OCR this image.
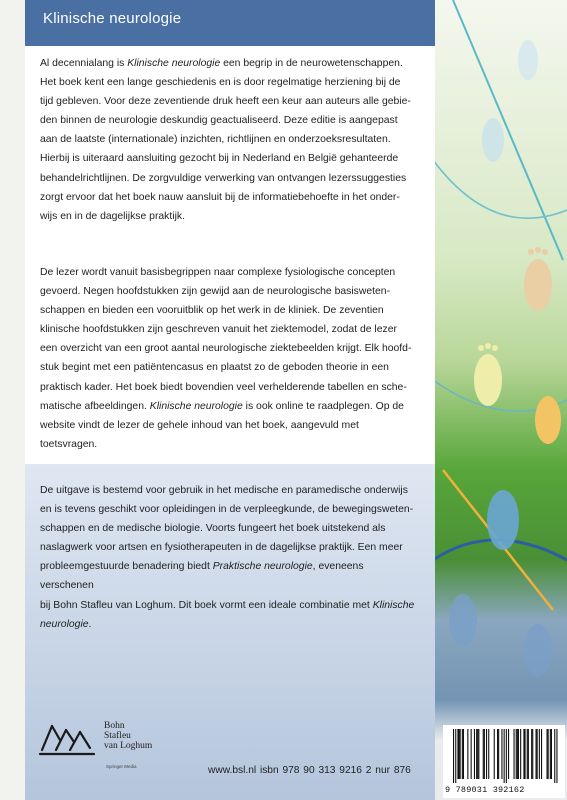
Klinische neurologie

Al decennialang is Klinische neurologie een begrip in de neurowetenschappen.
Het boek kent een lange geschiedenis en is door regelmatige herziening bij de
tijd gebleven. Voor deze zeventiende druk heeft een keur aan auteurs alle gebie-
den binnen de neurologie deskundig geactualiseerd. Deze editie is aangepast
aan de laatste (internationale) inzichten, richtlijnen en onderzoeksresultaten.
Hierbij is uiteraard aansluiting gezocht bij in Nederland en België gehanteerde
behandelrichtlijnen. De zorgvuldige verwerking van ontvangen lezerssuggesties
zorgt ervoor dat het boek nauw aansluit bij de informatiebehoefte in het onder-
wijs en in de dagelijkse praktijk.

De lezer wordt vanuit basisbegrippen naar complexe fysiologische concepten
gevoerd. Negen hoofdstukken zijn gewijd aan de neurologische basisweten-
schappen en bieden een vooruitblik op het werk in de kliniek. De zeventien
klinische hoofdstukken zijn geschreven vanuit het ziektemodel, zodat de lezer
een overzicht van een groot aantal neurologische ziektebeelden krijgt. Elk hoofd-
stuk begint met een patiëntencasus en plaatst zo de geboden theorie in een
praktisch kader. Het boek biedt bovendien veel verhelderende tabellen en sche-
matische afbeeldingen. Klinische neurologie is ook online te raadplegen. Op de
website vindt de lezer de gehele inhoud van het boek, aangevuld met toetsvragen.

De uitgave is bestemd voor gebruik in het medische en paramedische onderwijs
en is tevens geschikt voor opleidingen in de verpleegkunde, de bewegingsweten-
schappen en de medische biologie. Voorts fungeert het boek uitstekend als
naslagwerk voor artsen en fysiotherapeuten in de dagelijkse praktijk. Een meer
probleemgestuurde benadering biedt Praktische neurologie, eveneens verschenen
bij Bohn Stafleu van Loghum. Dit boek vormt een ideale combinatie met Klinische
neurologie.

Bohn
Stafleu
van Loghum
Springer Media	www.bsl.nl isbn 978 90 313 9216 2 nur 876
9 789031 392162
